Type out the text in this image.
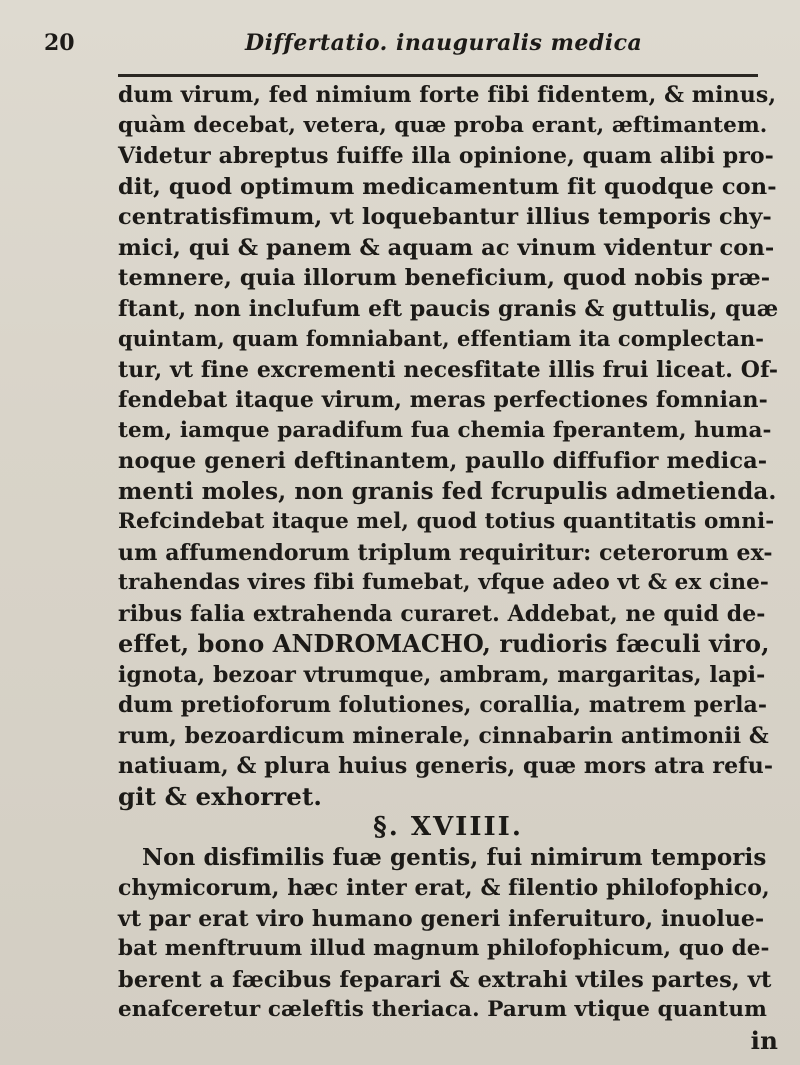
20	Differtatio. inauguralis medica
dum virum, fed nimium forte fibi fidentem, & minus,
quàm decebat, vetera, quæ proba erant, æftimantem.
Videtur abreptus fuiffe illa opinione, quam alibi pro-
dit, quod optimum medicamentum fit quodque con-
centratisfimum, vt loquebantur illius temporis chy-
mici, qui & panem & aquam ac vinum videntur con-
temnere, quia illorum beneficium, quod nobis præ-
ftant, non inclufum eft paucis granis & guttulis, quæ
quintam, quam fomniabant, effentiam ita complectan-
tur, vt fine excrementi necesfitate illis frui liceat. Of-
fendebat itaque virum, meras perfectiones fomnian-
tem, iamque paradifum fua chemia fperantem, huma-
noque generi deftinantem, paullo diffufior medica-
menti moles, non granis fed fcrupulis admetienda.
Refcindebat itaque mel, quod totius quantitatis omni-
um affumendorum triplum requiritur: ceterorum ex-
trahendas vires fibi fumebat, vfque adeo vt & ex cine-
ribus falia extrahenda curaret. Addebat, ne quid de-
effet, bono ANDROMACHO, rudioris fæculi viro,
ignota, bezoar vtrumque, ambram, margaritas, lapi-
dum pretioforum folutiones, corallia, matrem perla-
rum, bezoardicum minerale, cinnabarin antimonii &
natiuam, & plura huius generis, quæ mors atra refu-
git & exhorret.
§. XVIIII.
Non disfimilis fuæ gentis, fui nimirum temporis
chymicorum, hæc inter erat, & filentio philofophico,
vt par erat viro humano generi inferuituro, inuolue-
bat menftruum illud magnum philofophicum, quo de-
berent a fæcibus feparari & extrahi vtiles partes, vt
enafceretur cæleftis theriaca. Parum vtique quantum
in
